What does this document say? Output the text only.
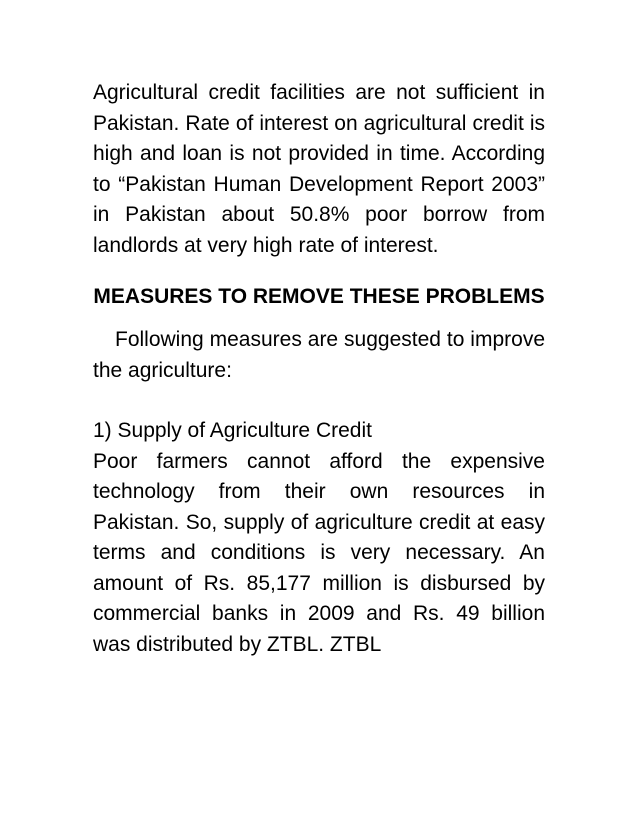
Agricultural credit facilities are not sufficient in Pakistan. Rate of interest on agricultural credit is high and loan is not provided in time. According to “Pakistan Human Development Report 2003” in Pakistan about 50.8% poor borrow from landlords at very high rate of interest.

MEASURES TO REMOVE THESE PROBLEMS

Following measures are suggested to improve the agriculture:

1) Supply of Agriculture Credit

Poor farmers cannot afford the expensive technology from their own resources in Pakistan. So, supply of agriculture credit at easy terms and conditions is very necessary. An amount of Rs. 85,177 million is disbursed by commercial banks in 2009 and Rs. 49 billion was distributed by ZTBL. ZTBL
